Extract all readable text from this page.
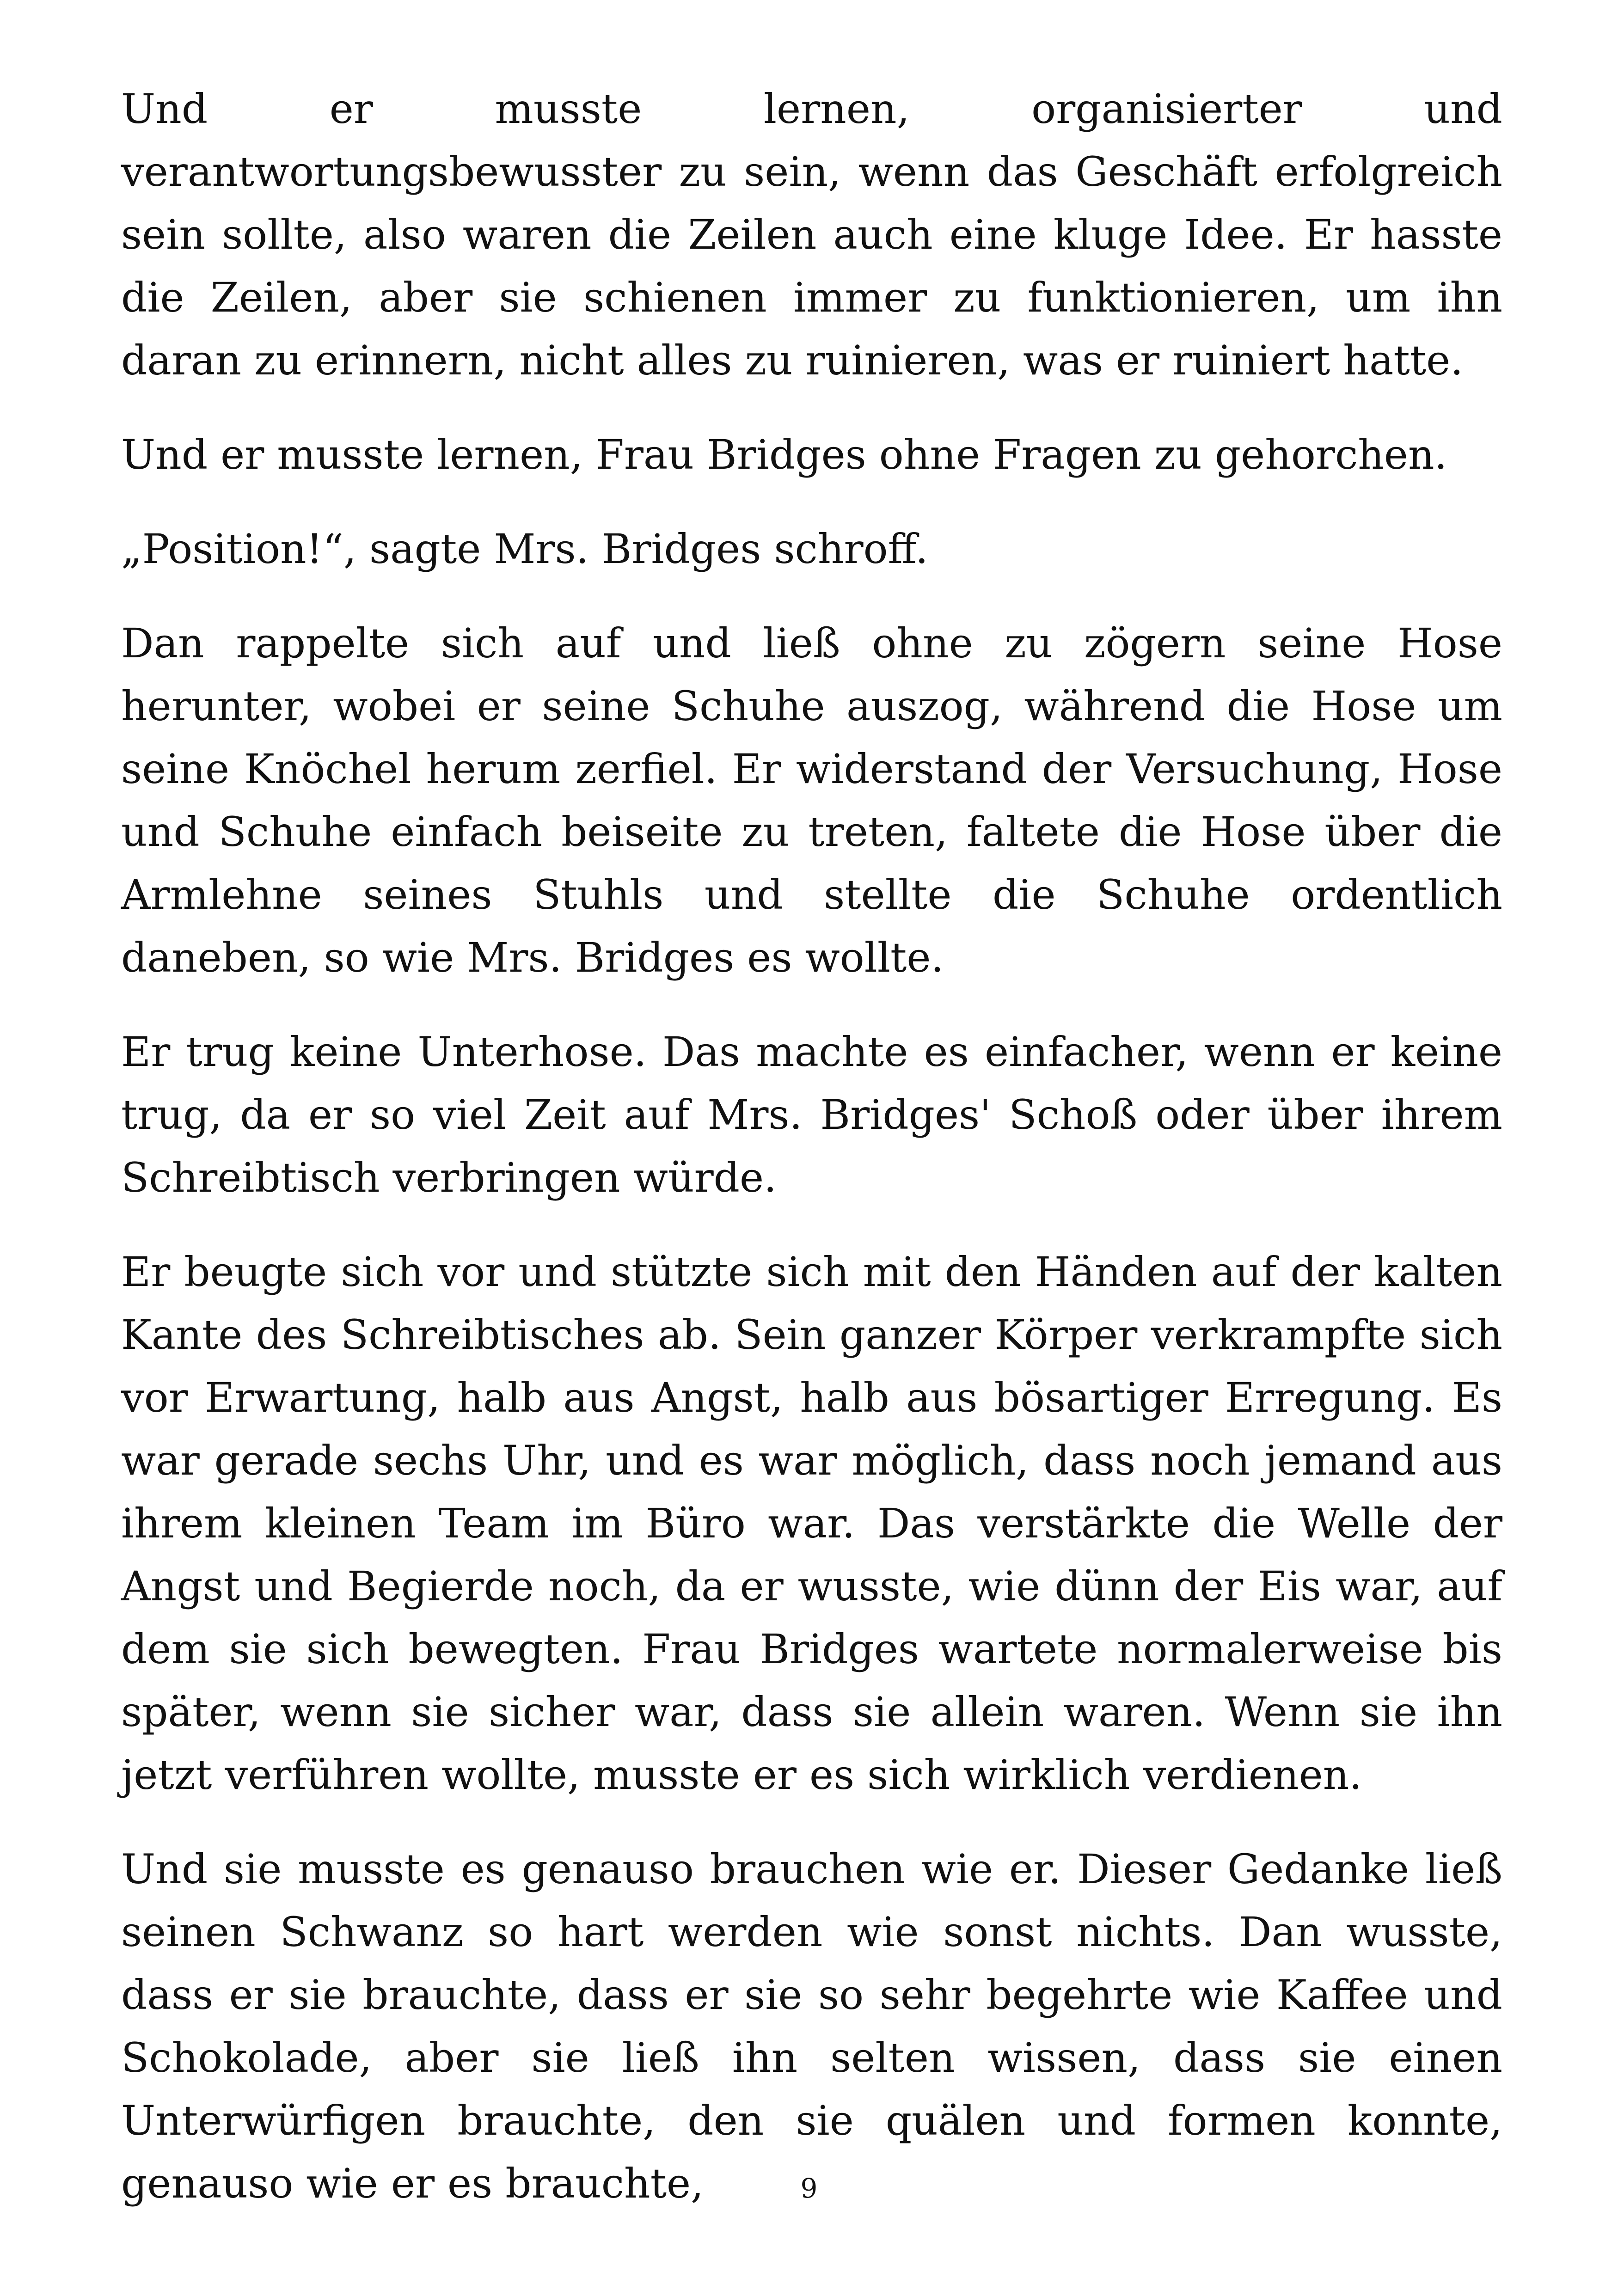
Und er musste lernen, organisierter und verantwortungsbewusster zu sein, wenn das Geschäft erfolgreich sein sollte, also waren die Zeilen auch eine kluge Idee. Er hasste die Zeilen, aber sie schienen immer zu funktionieren, um ihn daran zu erinnern, nicht alles zu ruinieren, was er ruiniert hatte.

Und er musste lernen, Frau Bridges ohne Fragen zu gehorchen.

„Position!“, sagte Mrs. Bridges schroff.

Dan rappelte sich auf und ließ ohne zu zögern seine Hose herunter, wobei er seine Schuhe auszog, während die Hose um seine Knöchel herum zerfiel. Er widerstand der Versuchung, Hose und Schuhe einfach beiseite zu treten, faltete die Hose über die Armlehne seines Stuhls und stellte die Schuhe ordentlich daneben, so wie Mrs. Bridges es wollte.

Er trug keine Unterhose. Das machte es einfacher, wenn er keine trug, da er so viel Zeit auf Mrs. Bridges' Schoß oder über ihrem Schreibtisch verbringen würde.

Er beugte sich vor und stützte sich mit den Händen auf der kalten Kante des Schreibtisches ab. Sein ganzer Körper verkrampfte sich vor Erwartung, halb aus Angst, halb aus bösartiger Erregung. Es war gerade sechs Uhr, und es war möglich, dass noch jemand aus ihrem kleinen Team im Büro war. Das verstärkte die Welle der Angst und Begierde noch, da er wusste, wie dünn der Eis war, auf dem sie sich bewegten. Frau Bridges wartete normalerweise bis später, wenn sie sicher war, dass sie allein waren. Wenn sie ihn jetzt verführen wollte, musste er es sich wirklich verdienen.

Und sie musste es genauso brauchen wie er. Dieser Gedanke ließ seinen Schwanz so hart werden wie sonst nichts. Dan wusste, dass er sie brauchte, dass er sie so sehr begehrte wie Kaffee und Schokolade, aber sie ließ ihn selten wissen, dass sie einen Unterwürfigen brauchte, den sie quälen und formen konnte, genauso wie er es brauchte,	9
